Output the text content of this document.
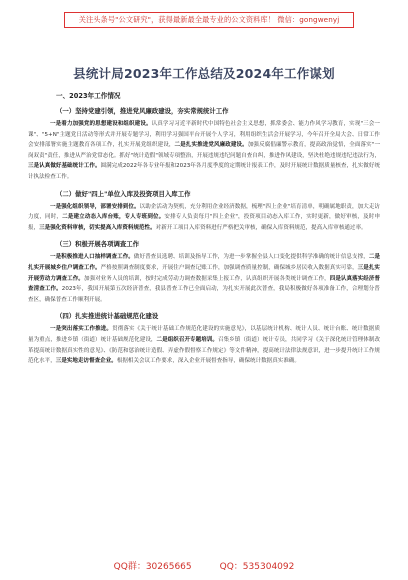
关注头条号"公文研究"，获得最新最全最专业的公文资料库！ 微信：gongwenyj
县统计局2023年工作总结及2024年工作谋划
一、2023年工作情况
（一）坚持党建引领，推进党风廉政建设，夯实常规统计工作

一是着力加强党的思想建设和组织建设。认真学习习近平新时代中国特色社会主义思想，抓常委会、能力作风学习教育，实现"三会一课"、"5+N"主题党日活动等形式并开展专题学习，利用学习强国平台开展个人学习，利用组织生活会开展学习，今年召开全局大会、日常工作会安排部署实施主题教育各项工作，扎实开展党组织建设，二是扎实推进党风廉政建设。加强反腐倡廉警示教育，提高政治觉悟，全面落实"一岗双责"责任，推进从严治党常态化。抓好"统计造假"领域专项整治，开展违规违纪问题自查自纠，推进作风建设，坚决杜绝违规违纪违法行为，三是认真做好基础统计工作。圆满完成2022年各专业年报和2023年各月度季度的定期统计报表工作，及时开展统计数据质量核查，扎实做好统计执法检查工作。

（二）做好"四上"单位入库及投资项目入库工作

一是强化组织领导，部署安排到位。以助企活动为契机，充分利用企业经济数据，梳理"四上企业"培育清单，明确属地职责，加大走访力度，同时，二是建立动态入库台账，专人专班到位。安排专人负责每月"四上企业"，投资项目动态入库工作，实时更新，做好审核，及时申报，三是强化资料审核，切实提高入库资料规范性。对新开工项目入库资料进行严格把关审核，确保入库资料规范，提高入库审核通过率。

（三）积极开展各项调查工作

一是积极推进人口抽样调查工作。做好普查员选聘、培训及指导工作，为进一步掌握全县人口变化提供科学准确的统计信息支撑，二是扎实开展城乡住户调查工作。严格按照调查制度要求，开展住户调查记账工作，加强调查质量控制，确保城乡居民收入数据真实可靠，三是扎实开展劳动力调查工作。加强对业务人员的培训，按时完成劳动力调查数据采集上报工作，认真组织开展各类统计调查工作，四是认真落实经济普查清查工作。2023年，我国开展第五次经济普查，我县普查工作已全面启动，为扎实开展此次普查，我局积极做好各项准备工作，合理划分普查区，确保普查工作顺利开展。

（四）扎实推进统计基础规范化建设

一是突出落实工作推进。贯彻落实《关于统计基础工作规范化建设的实施意见》，以基层统计机构、统计人员、统计台账、统计数据质量为重点，推进乡镇（街道）统计基础规范化建设，二是组织召开专题培训。召集乡镇（街道）统计专员，共同学习《关于深化统计管理体制改革提高统计数据真实性的意见》、《防范和惩治统计造假、弄虚作假督察工作规定》等文件精神，提高统计法律法规意识，进一步提升统计工作规范化水平，三是实地走访督查企业。根据相关会议工作要求，深入企业开展督查指导，确保统计数据真实准确。

QQ群：30265665	QQ：535304092
